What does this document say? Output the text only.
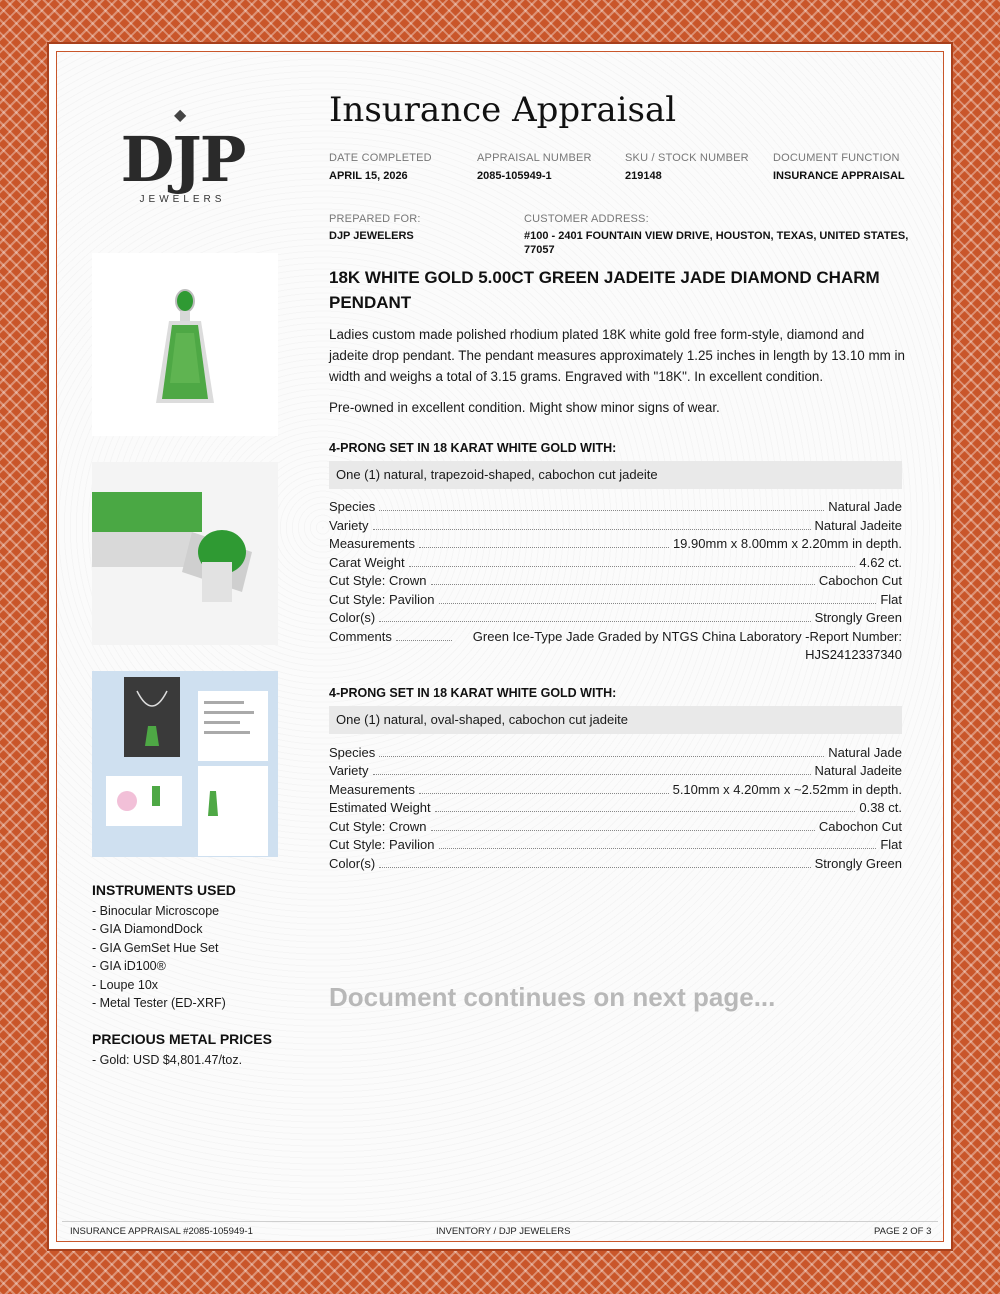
◆
DJP
JEWELERS
Insurance Appraisal
DATE COMPLETED
APRIL 15, 2026
APPRAISAL NUMBER
2085-105949-1
SKU / STOCK NUMBER
219148
DOCUMENT FUNCTION
INSURANCE APPRAISAL
PREPARED FOR:
DJP JEWELERS
CUSTOMER ADDRESS:
#100 - 2401 FOUNTAIN VIEW DRIVE, HOUSTON, TEXAS, UNITED STATES,
77057
18K WHITE GOLD 5.00CT GREEN JADEITE JADE DIAMOND CHARM
PENDANT
Ladies custom made polished rhodium plated 18K white gold free form-style, diamond and
jadeite drop pendant. The pendant measures approximately 1.25 inches in length by 13.10 mm in
width and weighs a total of 3.15 grams. Engraved with "18K". In excellent condition.
Pre-owned in excellent condition. Might show minor signs of wear.
4-PRONG SET IN 18 KARAT WHITE GOLD WITH:
One (1) natural, trapezoid-shaped, cabochon cut jadeite
Species	Natural Jade
Variety	Natural Jadeite
Measurements	19.90mm x 8.00mm x 2.20mm in depth.
Carat Weight	4.62 ct.
Cut Style: Crown	Cabochon Cut
Cut Style: Pavilion	Flat
Color(s)	Strongly Green
Comments	Green Ice-Type Jade Graded by NTGS China Laboratory -Report Number:
HJS2412337340
4-PRONG SET IN 18 KARAT WHITE GOLD WITH:
One (1) natural, oval-shaped, cabochon cut jadeite
Species	Natural Jade
Variety	Natural Jadeite
Measurements	5.10mm x 4.20mm x ~2.52mm in depth.
Estimated Weight	0.38 ct.
Cut Style: Crown	Cabochon Cut
Cut Style: Pavilion	Flat
Color(s)	Strongly Green
Document continues on next page...
INSTRUMENTS USED
- Binocular Microscope
- GIA DiamondDock
- GIA GemSet Hue Set
- GIA iD100®
- Loupe 10x
- Metal Tester (ED-XRF)
PRECIOUS METAL PRICES
- Gold: USD $4,801.47/toz.
INSURANCE APPRAISAL #2085-105949-1	INVENTORY / DJP JEWELERS	PAGE 2 OF 3
